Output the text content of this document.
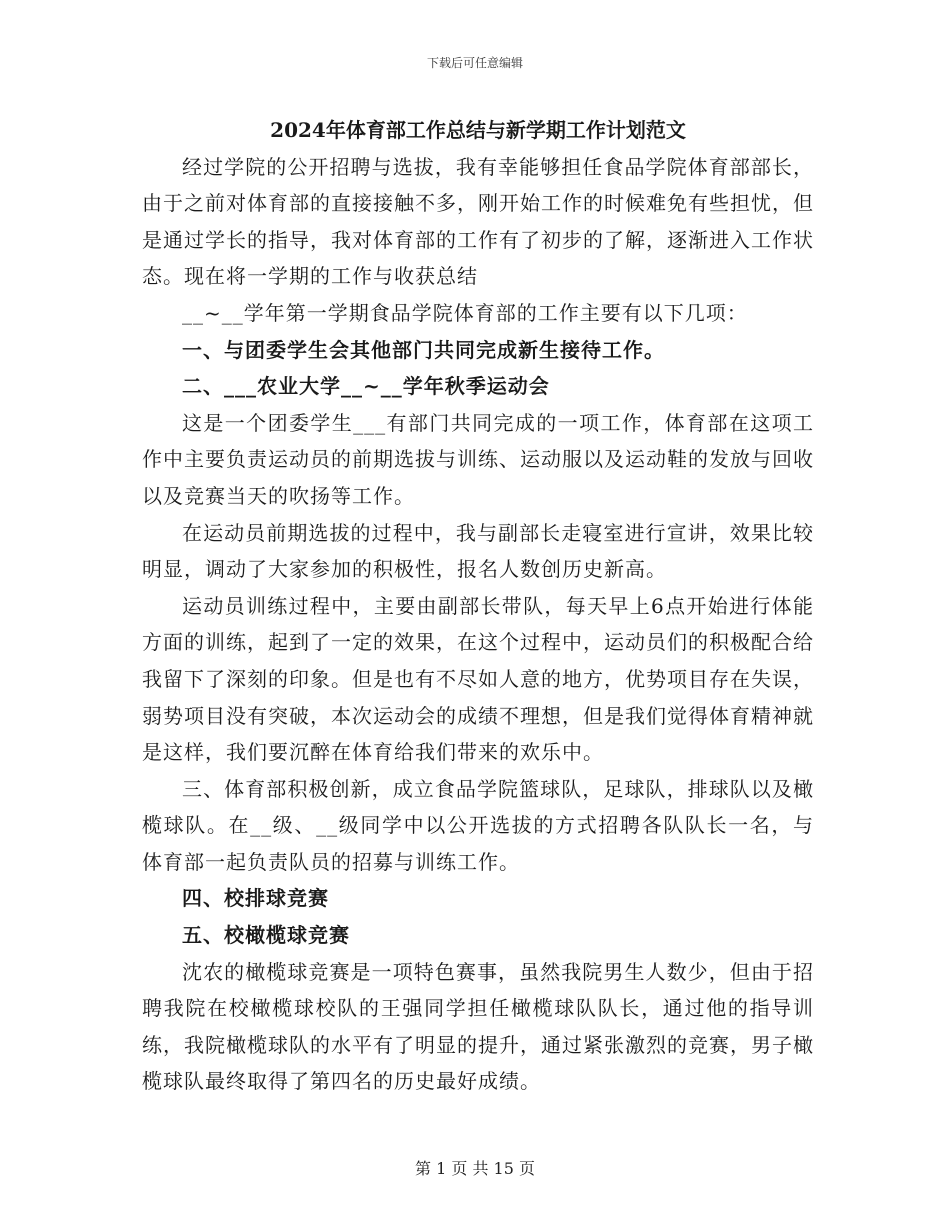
下载后可任意编辑

2024年体育部工作总结与新学期工作计划范文

经过学院的公开招聘与选拔，我有幸能够担任食品学院体育部部长，由于之前对体育部的直接接触不多，刚开始工作的时候难免有些担忧，但是通过学长的指导，我对体育部的工作有了初步的了解，逐渐进入工作状态。现在将一学期的工作与收获总结

__~__学年第一学期食品学院体育部的工作主要有以下几项：

一、与团委学生会其他部门共同完成新生接待工作。

二、___农业大学__~__学年秋季运动会

这是一个团委学生___有部门共同完成的一项工作，体育部在这项工作中主要负责运动员的前期选拔与训练、运动服以及运动鞋的发放与回收以及竞赛当天的吹扬等工作。

在运动员前期选拔的过程中，我与副部长走寝室进行宣讲，效果比较明显，调动了大家参加的积极性，报名人数创历史新高。

运动员训练过程中，主要由副部长带队，每天早上6点开始进行体能方面的训练，起到了一定的效果，在这个过程中，运动员们的积极配合给我留下了深刻的印象。但是也有不尽如人意的地方，优势项目存在失误，弱势项目没有突破，本次运动会的成绩不理想，但是我们觉得体育精神就是这样，我们要沉醉在体育给我们带来的欢乐中。

三、体育部积极创新，成立食品学院篮球队，足球队，排球队以及橄榄球队。在__级、__级同学中以公开选拔的方式招聘各队队长一名，与体育部一起负责队员的招募与训练工作。

四、校排球竞赛

五、校橄榄球竞赛

沈农的橄榄球竞赛是一项特色赛事，虽然我院男生人数少，但由于招聘我院在校橄榄球校队的王强同学担任橄榄球队队长，通过他的指导训练，我院橄榄球队的水平有了明显的提升，通过紧张激烈的竞赛，男子橄榄球队最终取得了第四名的历史最好成绩。

第 1 页 共 15 页
